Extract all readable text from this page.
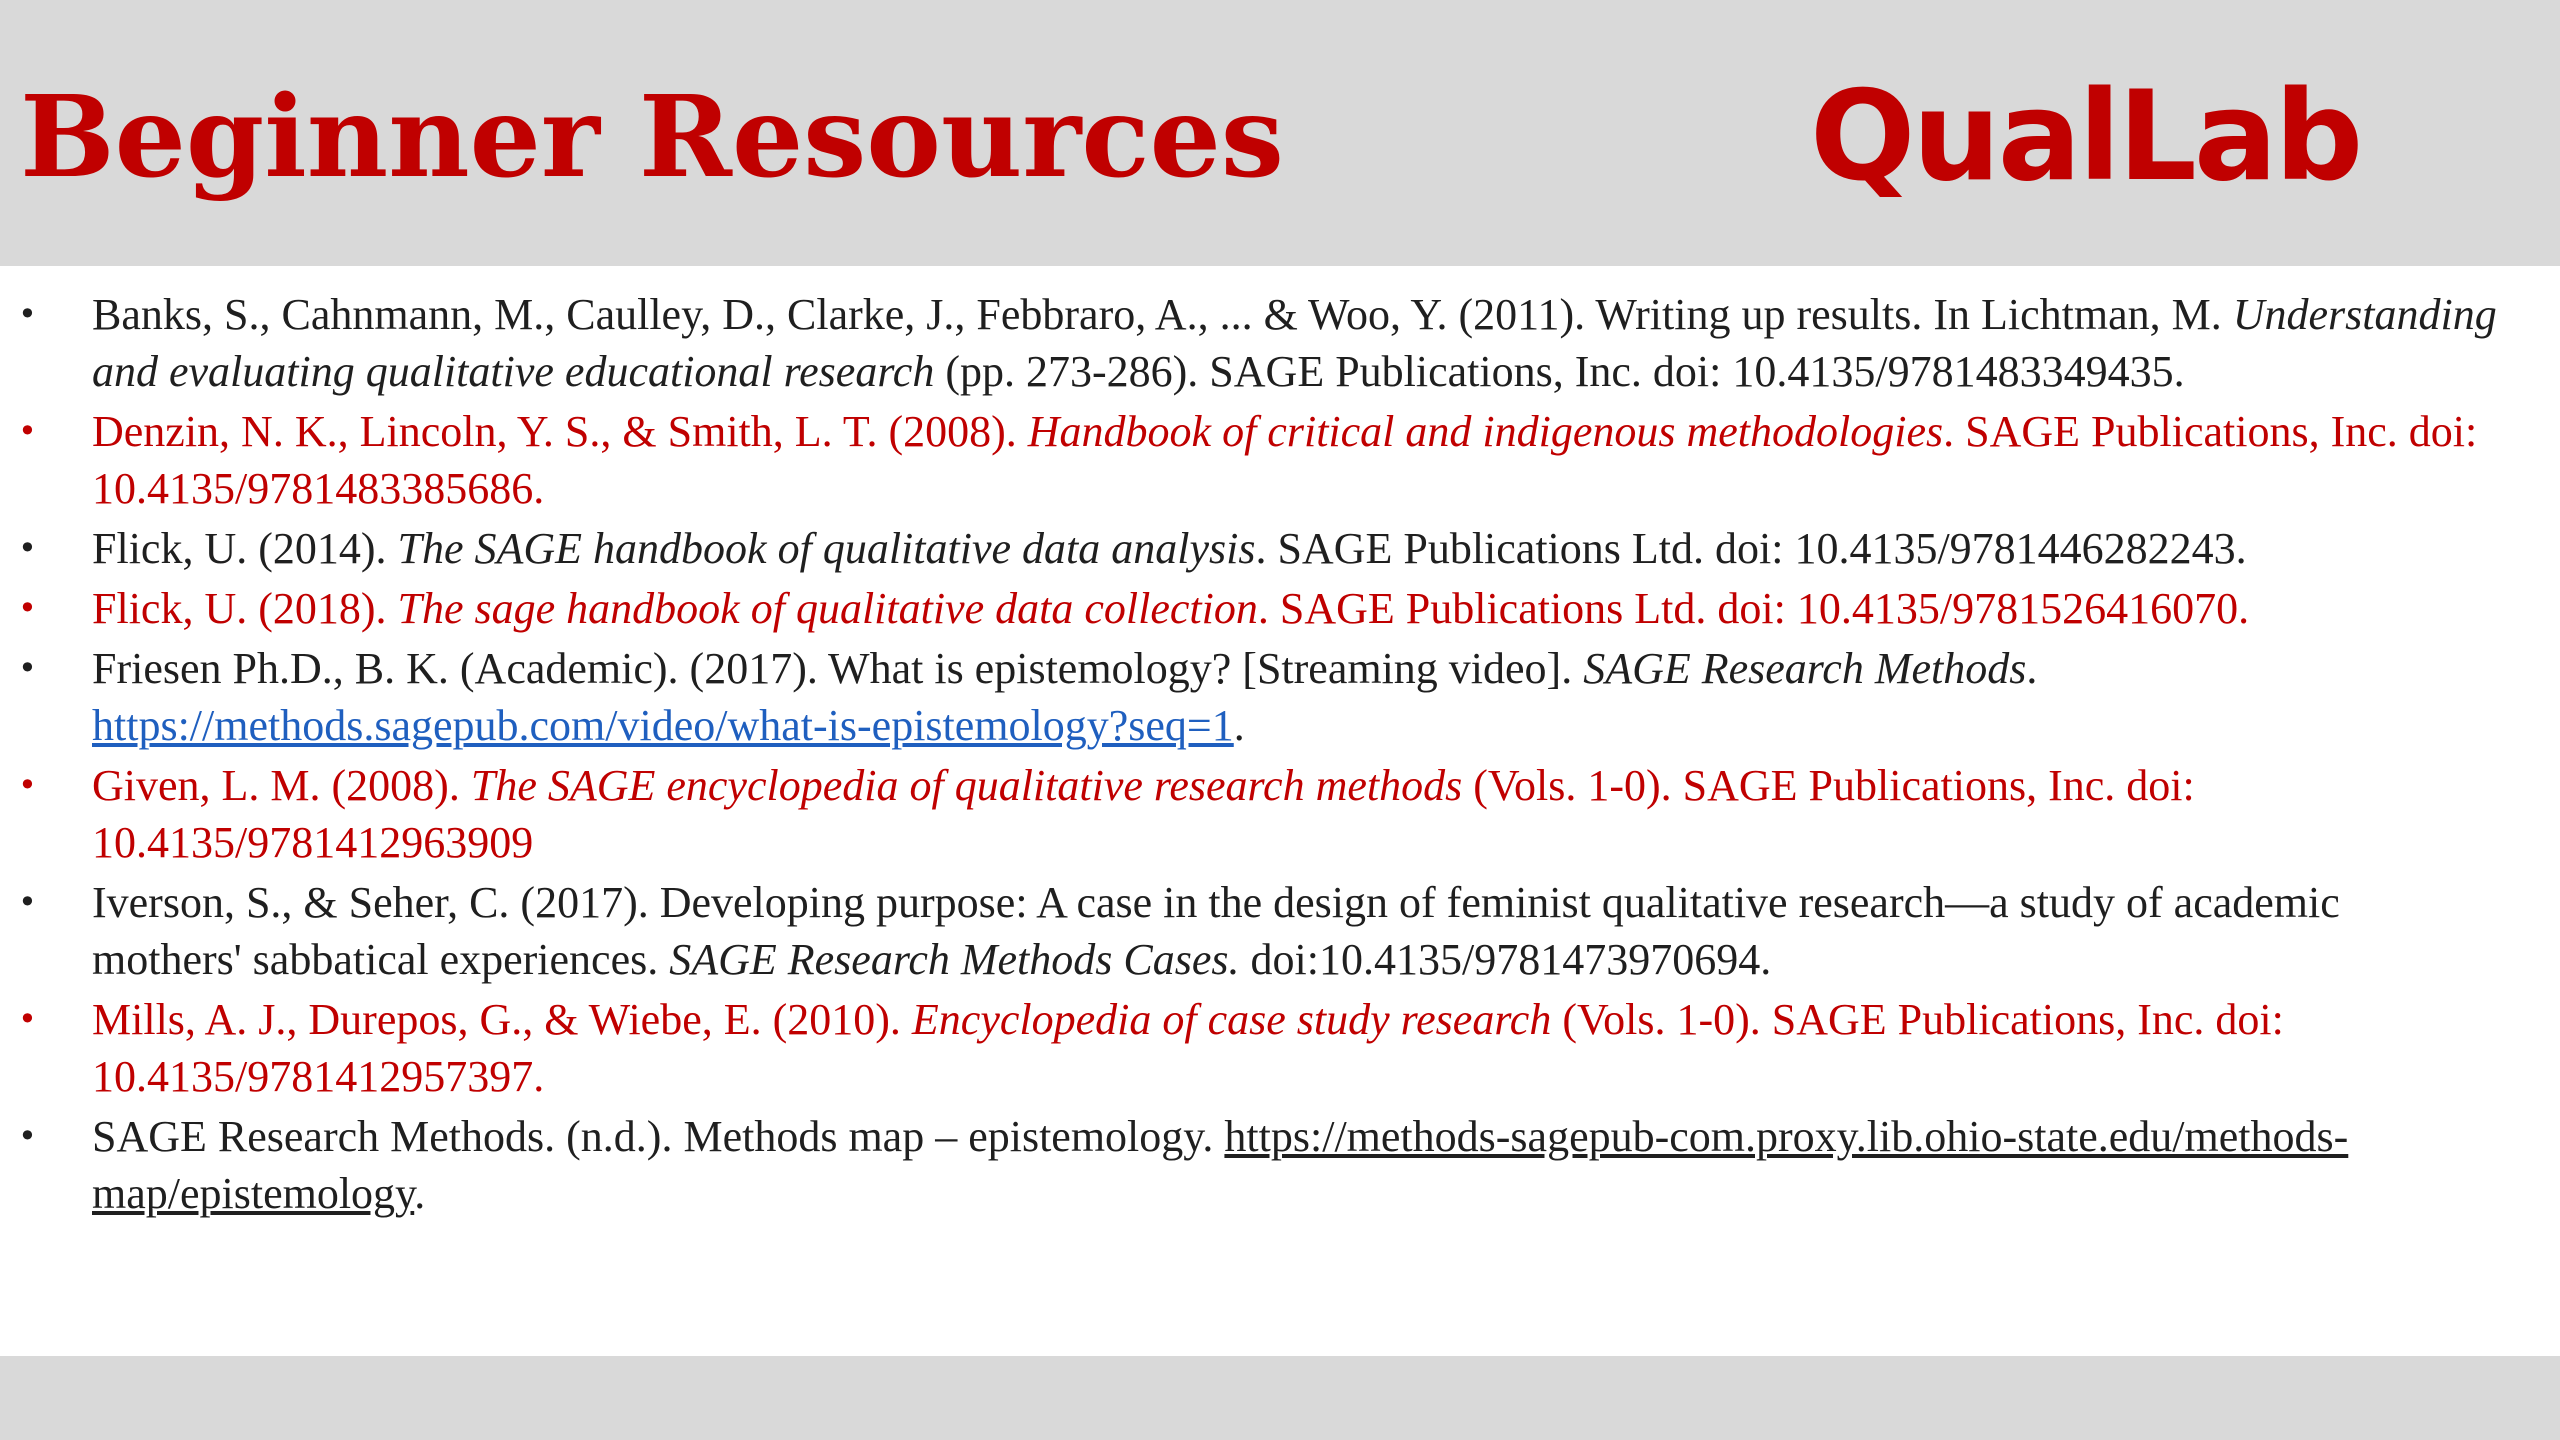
Beginner Resources	QualLab
•	Banks, S., Cahnmann, M., Caulley, D., Clarke, J., Febbraro, A., ... & Woo, Y. (2011). Writing up results. In Lichtman, M. Understanding and evaluating qualitative educational research (pp. 273-286). SAGE Publications, Inc. doi: 10.4135/9781483349435.
•	Denzin, N. K., Lincoln, Y. S., & Smith, L. T. (2008). Handbook of critical and indigenous methodologies. SAGE Publications, Inc. doi: 10.4135/9781483385686.
•	Flick, U. (2014). The SAGE handbook of qualitative data analysis. SAGE Publications Ltd. doi: 10.4135/9781446282243.
•	Flick, U. (2018). The sage handbook of qualitative data collection. SAGE Publications Ltd. doi: 10.4135/9781526416070.
•	Friesen Ph.D., B. K. (Academic). (2017). What is epistemology? [Streaming video]. SAGE Research Methods.
https://methods.sagepub.com/video/what-is-epistemology?seq=1.
•	Given, L. M. (2008). The SAGE encyclopedia of qualitative research methods (Vols. 1-0). SAGE Publications, Inc. doi: 10.4135/9781412963909
•	Iverson, S., & Seher, C. (2017). Developing purpose: A case in the design of feminist qualitative research—a study of academic mothers' sabbatical experiences. SAGE Research Methods Cases. doi:10.4135/9781473970694.
•	Mills, A. J., Durepos, G., & Wiebe, E. (2010). Encyclopedia of case study research (Vols. 1-0). SAGE Publications, Inc. doi: 10.4135/9781412957397.
•	SAGE Research Methods. (n.d.). Methods map – epistemology. https://methods-sagepub-com.proxy.lib.ohio-state.edu/methods-map/epistemology.
